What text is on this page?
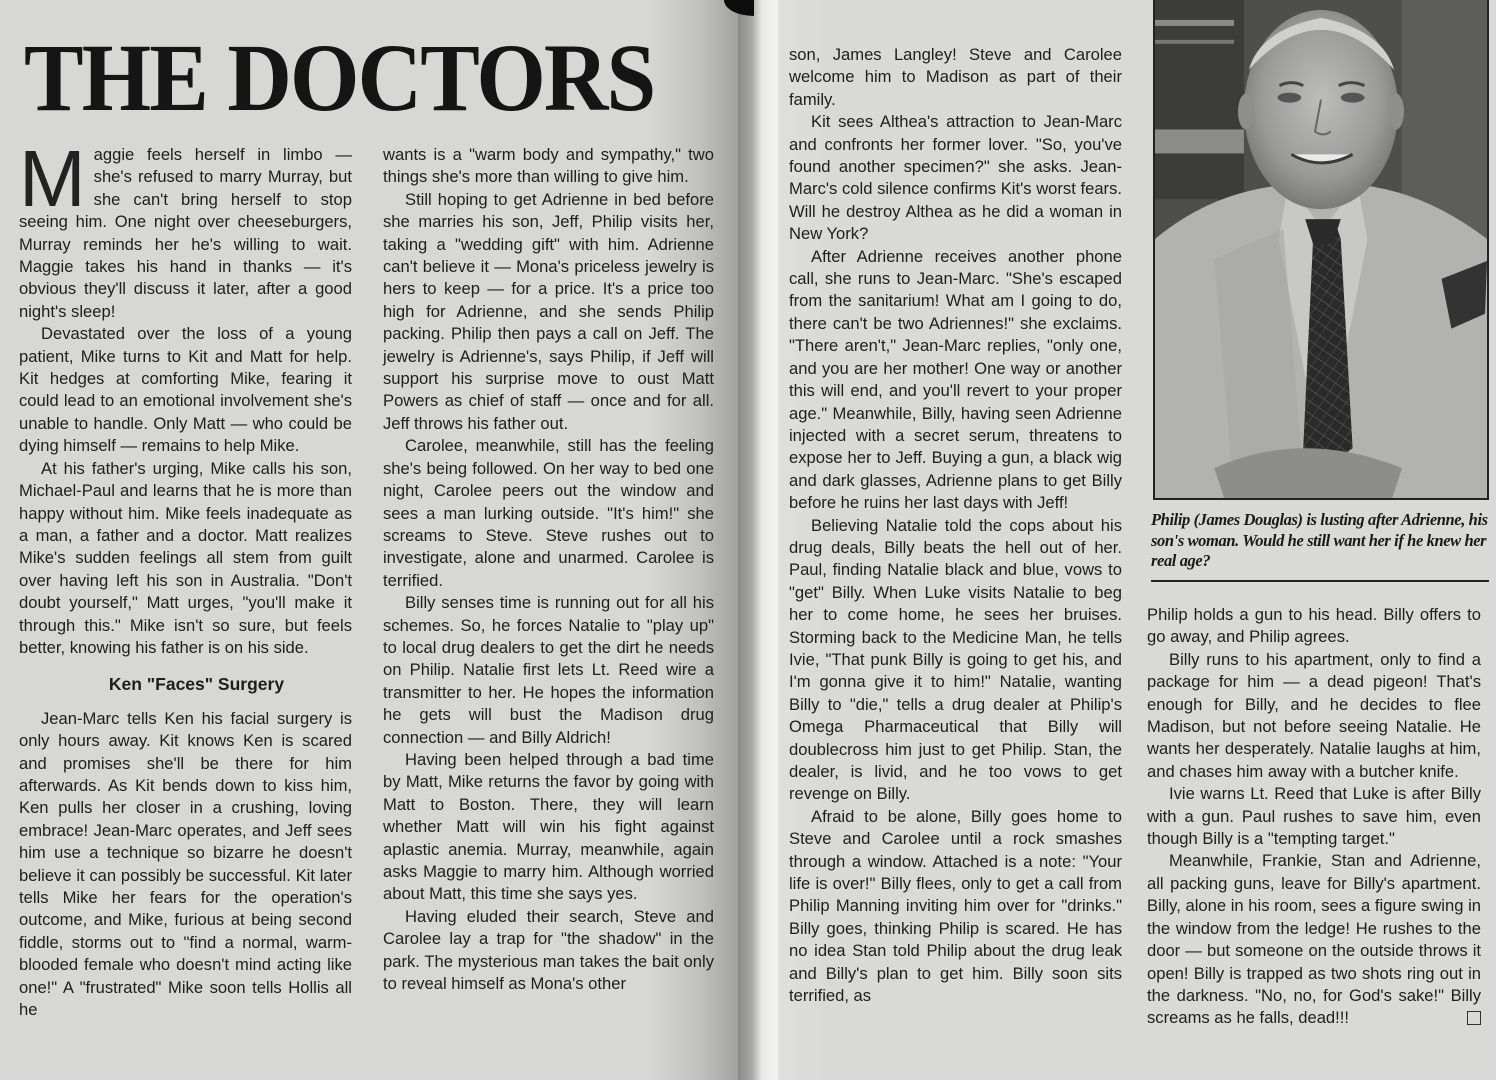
THE DOCTORS

Maggie feels herself in limbo — she's refused to marry Murray, but she can't bring herself to stop seeing him. One night over cheeseburgers, Murray reminds her he's willing to wait. Maggie takes his hand in thanks — it's obvious they'll discuss it later, after a good night's sleep!

Devastated over the loss of a young patient, Mike turns to Kit and Matt for help. Kit hedges at comforting Mike, fearing it could lead to an emotional involvement she's unable to handle. Only Matt — who could be dying himself — remains to help Mike.

At his father's urging, Mike calls his son, Michael-Paul and learns that he is more than happy without him. Mike feels inadequate as a man, a father and a doctor. Matt realizes Mike's sudden feelings all stem from guilt over having left his son in Australia. "Don't doubt yourself," Matt urges, "you'll make it through this." Mike isn't so sure, but feels better, knowing his father is on his side.

Ken "Faces" Surgery

Jean-Marc tells Ken his facial surgery is only hours away. Kit knows Ken is scared and promises she'll be there for him afterwards. As Kit bends down to kiss him, Ken pulls her closer in a crushing, loving embrace! Jean-Marc operates, and Jeff sees him use a technique so bizarre he doesn't believe it can possibly be successful. Kit later tells Mike her fears for the operation's outcome, and Mike, furious at being second fiddle, storms out to "find a normal, warm-blooded female who doesn't mind acting like one!" A "frustrated" Mike soon tells Hollis all he

wants is a "warm body and sympathy," two things she's more than willing to give him.

Still hoping to get Adrienne in bed before she marries his son, Jeff, Philip visits her, taking a "wedding gift" with him. Adrienne can't believe it — Mona's priceless jewelry is hers to keep — for a price. It's a price too high for Adrienne, and she sends Philip packing. Philip then pays a call on Jeff. The jewelry is Adrienne's, says Philip, if Jeff will support his surprise move to oust Matt Powers as chief of staff — once and for all. Jeff throws his father out.

Carolee, meanwhile, still has the feeling she's being followed. On her way to bed one night, Carolee peers out the window and sees a man lurking outside. "It's him!" she screams to Steve. Steve rushes out to investigate, alone and unarmed. Carolee is terrified.

Billy senses time is running out for all his schemes. So, he forces Natalie to "play up" to local drug dealers to get the dirt he needs on Philip. Natalie first lets Lt. Reed wire a transmitter to her. He hopes the information he gets will bust the Madison drug connection — and Billy Aldrich!

Having been helped through a bad time by Matt, Mike returns the favor by going with Matt to Boston. There, they will learn whether Matt will win his fight against aplastic anemia. Murray, meanwhile, again asks Maggie to marry him. Although worried about Matt, this time she says yes.

Having eluded their search, Steve and Carolee lay a trap for "the shadow" in the park. The mysterious man takes the bait only to reveal himself as Mona's other

son, James Langley! Steve and Carolee welcome him to Madison as part of their family.

Kit sees Althea's attraction to Jean-Marc and confronts her former lover. "So, you've found another specimen?" she asks. Jean-Marc's cold silence confirms Kit's worst fears. Will he destroy Althea as he did a woman in New York?

After Adrienne receives another phone call, she runs to Jean-Marc. "She's escaped from the sanitarium! What am I going to do, there can't be two Adriennes!" she exclaims. "There aren't," Jean-Marc replies, "only one, and you are her mother! One way or another this will end, and you'll revert to your proper age." Meanwhile, Billy, having seen Adrienne injected with a secret serum, threatens to expose her to Jeff. Buying a gun, a black wig and dark glasses, Adrienne plans to get Billy before he ruins her last days with Jeff!

Believing Natalie told the cops about his drug deals, Billy beats the hell out of her. Paul, finding Natalie black and blue, vows to "get" Billy. When Luke visits Natalie to beg her to come home, he sees her bruises. Storming back to the Medicine Man, he tells Ivie, "That punk Billy is going to get his, and I'm gonna give it to him!" Natalie, wanting Billy to "die," tells a drug dealer at Philip's Omega Pharmaceutical that Billy will doublecross him just to get Philip. Stan, the dealer, is livid, and he too vows to get revenge on Billy.

Afraid to be alone, Billy goes home to Steve and Carolee until a rock smashes through a window. Attached is a note: "Your life is over!" Billy flees, only to get a call from Philip Manning inviting him over for "drinks." Billy goes, thinking Philip is scared. He has no idea Stan told Philip about the drug leak and Billy's plan to get him. Billy soon sits terrified, as

Philip (James Douglas) is lusting after Adrienne, his son's woman. Would he still want her if he knew her real age?

Philip holds a gun to his head. Billy offers to go away, and Philip agrees.

Billy runs to his apartment, only to find a package for him — a dead pigeon! That's enough for Billy, and he decides to flee Madison, but not before seeing Natalie. He wants her desperately. Natalie laughs at him, and chases him away with a butcher knife.

Ivie warns Lt. Reed that Luke is after Billy with a gun. Paul rushes to save him, even though Billy is a "tempting target."

Meanwhile, Frankie, Stan and Adrienne, all packing guns, leave for Billy's apartment. Billy, alone in his room, sees a figure swing in the window from the ledge! He rushes to the door — but someone on the outside throws it open! Billy is trapped as two shots ring out in the darkness. "No, no, for God's sake!" Billy screams as he falls, dead!!!
